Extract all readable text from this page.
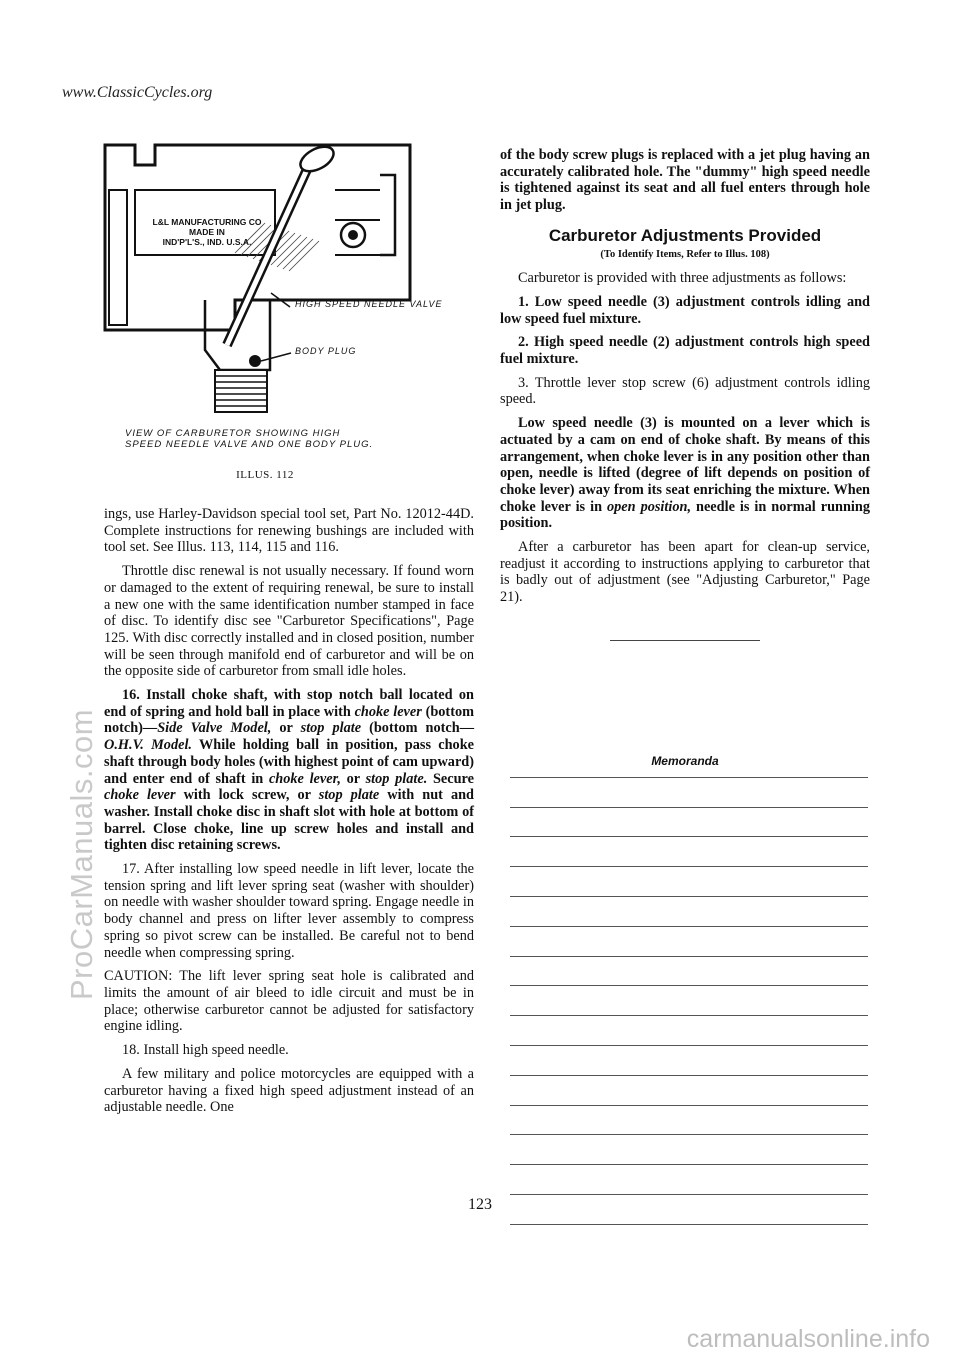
www.ClassicCycles.org
ProCarManuals.com
L&L MANUFACTURING CO
MADE IN
IND'P'L'S., IND. U.S.A.
HIGH SPEED NEEDLE VALVE
BODY PLUG
VIEW OF CARBURETOR SHOWING HIGH
SPEED NEEDLE VALVE AND ONE BODY PLUG.
ILLUS. 112

ings, use Harley-Davidson special tool set, Part No. 12012-44D. Complete instructions for renewing bushings are included with tool set. See Illus. 113, 114, 115 and 116.

Throttle disc renewal is not usually necessary. If found worn or damaged to the extent of requiring renewal, be sure to install a new one with the same identification number stamped in face of disc. To identify disc see "Carburetor Specifications", Page 125. With disc correctly installed and in closed position, number will be seen through manifold end of carburetor and will be on the opposite side of carburetor from small idle holes.

16. Install choke shaft, with stop notch ball located on end of spring and hold ball in place with choke lever (bottom notch)—Side Valve Model, or stop plate (bottom notch—O.H.V. Model. While holding ball in position, pass choke shaft through body holes (with highest point of cam upward) and enter end of shaft in choke lever, or stop plate. Secure choke lever with lock screw, or stop plate with nut and washer. Install choke disc in shaft slot with hole at bottom of barrel. Close choke, line up screw holes and install and tighten disc retaining screws.

17. After installing low speed needle in lift lever, locate the tension spring and lift lever spring seat (washer with shoulder) on needle with washer shoulder toward spring. Engage needle in body channel and press on lifter lever assembly to compress spring so pivot screw can be installed. Be careful not to bend needle when compressing spring.

CAUTION: The lift lever spring seat hole is calibrated and limits the amount of air bleed to idle circuit and must be in place; otherwise carburetor cannot be adjusted for satisfactory engine idling.

18. Install high speed needle.

A few military and police motorcycles are equipped with a carburetor having a fixed high speed adjustment instead of an adjustable needle. One

of the body screw plugs is replaced with a jet plug having an accurately calibrated hole. The "dummy" high speed needle is tightened against its seat and all fuel enters through hole in jet plug.

Carburetor Adjustments Provided
(To Identify Items, Refer to Illus. 108)

Carburetor is provided with three adjustments as follows:

1. Low speed needle (3) adjustment controls idling and low speed fuel mixture.

2. High speed needle (2) adjustment controls high speed fuel mixture.

3. Throttle lever stop screw (6) adjustment controls idling speed.

Low speed needle (3) is mounted on a lever which is actuated by a cam on end of choke shaft. By means of this arrangement, when choke lever is in any position other than open, needle is lifted (degree of lift depends on position of choke lever) away from its seat enriching the mixture. When choke lever is in open position, needle is in normal running position.

After a carburetor has been apart for clean-up service, readjust it according to instructions applying to carburetor that is badly out of adjustment (see "Adjusting Carburetor," Page 21).

Memoranda
123
carmanualsonline.info
